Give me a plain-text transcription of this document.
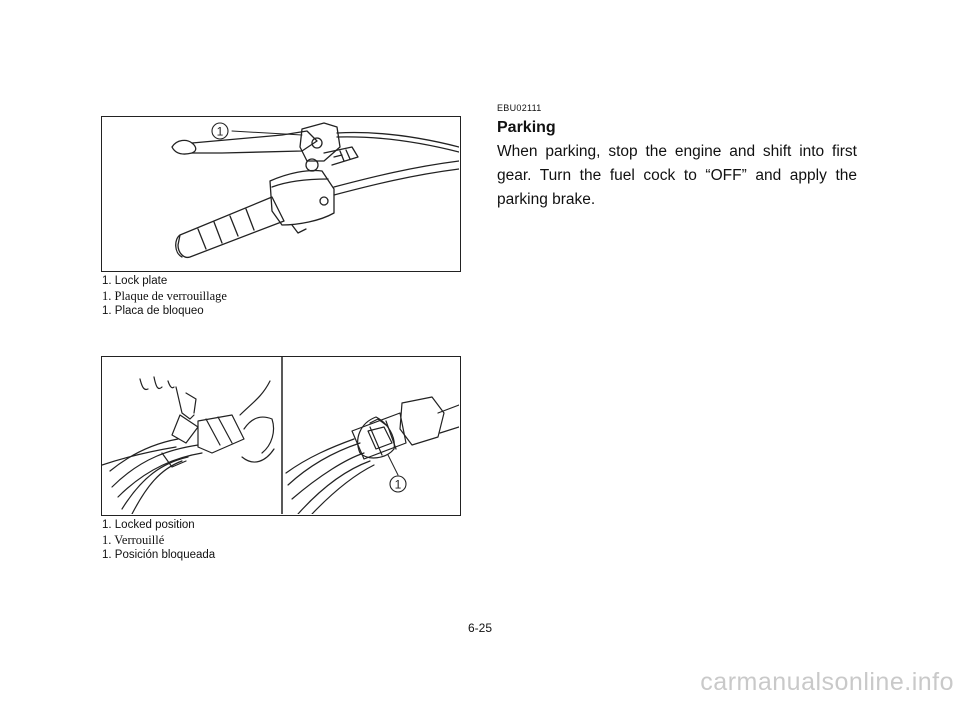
1
1. Lock plate
1. Plaque de verrouillage
1. Placa de bloqueo
1
1. Locked position
1. Verrouillé
1. Posición bloqueada
EBU02111
Parking
When parking, stop the engine and shift into first gear. Turn the fuel cock to “OFF” and apply the parking brake.
6-25
carmanualsonline.info
